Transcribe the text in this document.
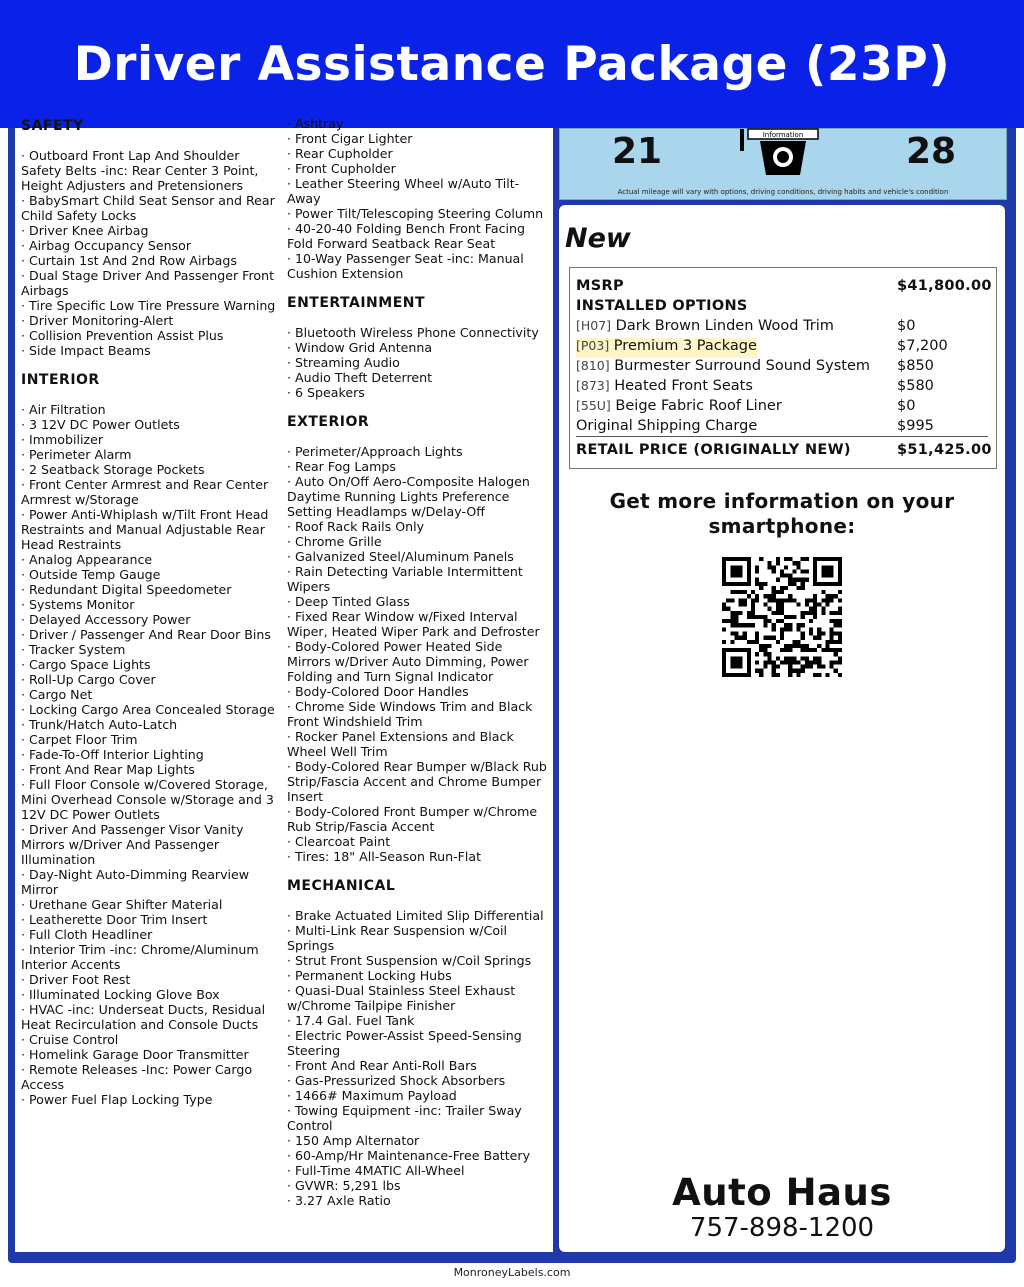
Driver Assistance Package (23P)
SAFETY
· Outboard Front Lap And Shoulder Safety Belts -inc: Rear Center 3 Point, Height Adjusters and Pretensioners
· BabySmart Child Seat Sensor and Rear Child Safety Locks
· Driver Knee Airbag
· Airbag Occupancy Sensor
· Curtain 1st And 2nd Row Airbags
· Dual Stage Driver And Passenger Front Airbags
· Tire Specific Low Tire Pressure Warning
· Driver Monitoring-Alert
· Collision Prevention Assist Plus
· Side Impact Beams
INTERIOR
· Air Filtration
· 3 12V DC Power Outlets
· Immobilizer
· Perimeter Alarm
· 2 Seatback Storage Pockets
· Front Center Armrest and Rear Center Armrest w/Storage
· Power Anti-Whiplash w/Tilt Front Head Restraints and Manual Adjustable Rear Head Restraints
· Analog Appearance
· Outside Temp Gauge
· Redundant Digital Speedometer
· Systems Monitor
· Delayed Accessory Power
· Driver / Passenger And Rear Door Bins
· Tracker System
· Cargo Space Lights
· Roll-Up Cargo Cover
· Cargo Net
· Locking Cargo Area Concealed Storage
· Trunk/Hatch Auto-Latch
· Carpet Floor Trim
· Fade-To-Off Interior Lighting
· Front And Rear Map Lights
· Full Floor Console w/Covered Storage, Mini Overhead Console w/Storage and 3 12V DC Power Outlets
· Driver And Passenger Visor Vanity Mirrors w/Driver And Passenger Illumination
· Day-Night Auto-Dimming Rearview Mirror
· Urethane Gear Shifter Material
· Leatherette Door Trim Insert
· Full Cloth Headliner
· Interior Trim -inc: Chrome/Aluminum Interior Accents
· Driver Foot Rest
· Illuminated Locking Glove Box
· HVAC -inc: Underseat Ducts, Residual Heat Recirculation and Console Ducts
· Cruise Control
· Homelink Garage Door Transmitter
· Remote Releases -Inc: Power Cargo Access
· Power Fuel Flap Locking Type
· Ashtray
· Front Cigar Lighter
· Rear Cupholder
· Front Cupholder
· Leather Steering Wheel w/Auto Tilt-Away
· Power Tilt/Telescoping Steering Column
· 40-20-40 Folding Bench Front Facing Fold Forward Seatback Rear Seat
· 10-Way Passenger Seat -inc: Manual Cushion Extension
ENTERTAINMENT
· Bluetooth Wireless Phone Connectivity
· Window Grid Antenna
· Streaming Audio
· Audio Theft Deterrent
· 6 Speakers
EXTERIOR
· Perimeter/Approach Lights
· Rear Fog Lamps
· Auto On/Off Aero-Composite Halogen Daytime Running Lights Preference Setting Headlamps w/Delay-Off
· Roof Rack Rails Only
· Chrome Grille
· Galvanized Steel/Aluminum Panels
· Rain Detecting Variable Intermittent Wipers
· Deep Tinted Glass
· Fixed Rear Window w/Fixed Interval Wiper, Heated Wiper Park and Defroster
· Body-Colored Power Heated Side Mirrors w/Driver Auto Dimming, Power Folding and Turn Signal Indicator
· Body-Colored Door Handles
· Chrome Side Windows Trim and Black Front Windshield Trim
· Rocker Panel Extensions and Black Wheel Well Trim
· Body-Colored Rear Bumper w/Black Rub Strip/Fascia Accent and Chrome Bumper Insert
· Body-Colored Front Bumper w/Chrome Rub Strip/Fascia Accent
· Clearcoat Paint
· Tires: 18" All-Season Run-Flat
MECHANICAL
· Brake Actuated Limited Slip Differential
· Multi-Link Rear Suspension w/Coil Springs
· Strut Front Suspension w/Coil Springs
· Permanent Locking Hubs
· Quasi-Dual Stainless Steel Exhaust w/Chrome Tailpipe Finisher
· 17.4 Gal. Fuel Tank
· Electric Power-Assist Speed-Sensing Steering
· Front And Rear Anti-Roll Bars
· Gas-Pressurized Shock Absorbers
· 1466# Maximum Payload
· Towing Equipment -inc: Trailer Sway Control
· 150 Amp Alternator
· 60-Amp/Hr Maintenance-Free Battery
· Full-Time 4MATIC All-Wheel
· GVWR: 5,291 lbs
· 3.27 Axle Ratio
21	Information	28
Actual mileage will vary with options, driving conditions, driving habits and vehicle's condition
New
MSRP	$41,800.00
INSTALLED OPTIONS
[H07] Dark Brown Linden Wood Trim	$0
[P03] Premium 3 Package	$7,200
[810] Burmester Surround Sound System $850
[873] Heated Front Seats	$580
[55U] Beige Fabric Roof Liner	$0
Original Shipping Charge	$995
RETAIL PRICE (ORIGINALLY NEW)	$51,425.00
Get more information on your smartphone:
Auto Haus
757-898-1200
MonroneyLabels.com
